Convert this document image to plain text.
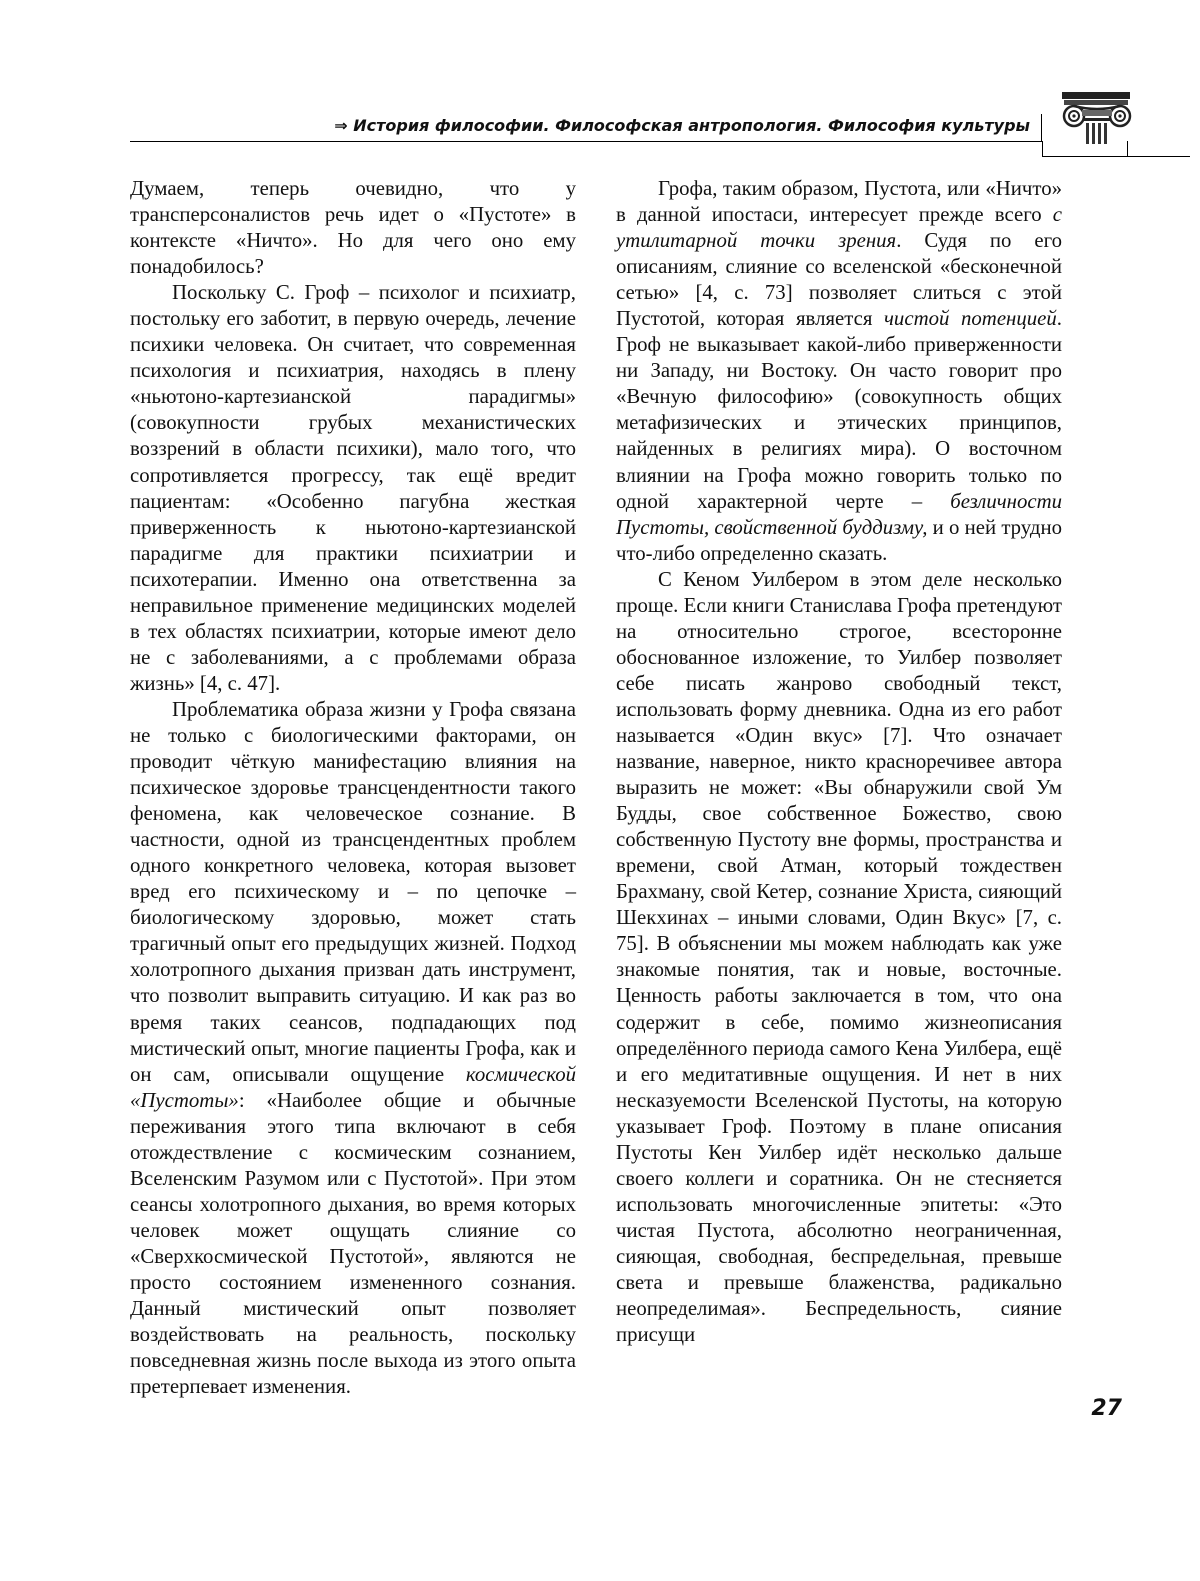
⇒ История философии. Философская антропология. Философия культуры

Думаем, теперь очевидно, что у трансперсоналистов речь идет о «Пустоте» в контексте «Ничто». Но для чего оно ему понадобилось?

Поскольку С. Гроф – психолог и психиатр, постольку его заботит, в первую очередь, лечение психики человека. Он считает, что современная психология и психиатрия, находясь в плену «ньютоно-картезианской парадигмы» (совокупности грубых механистических воззрений в области психики), мало того, что сопротивляется прогрессу, так ещё вредит пациентам: «Особенно пагубна жесткая приверженность к ньютоно-картезианской парадигме для практики психиатрии и психотерапии. Именно она ответственна за неправильное применение медицинских моделей в тех областях психиатрии, которые имеют дело не с заболеваниями, а с проблемами образа жизнь» [4, с. 47].

Проблематика образа жизни у Грофа связана не только с биологическими факторами, он проводит чёткую манифестацию влияния на психическое здоровье трансцендентности такого феномена, как человеческое сознание. В частности, одной из трансцендентных проблем одного конкретного человека, которая вызовет вред его психическому и – по цепочке – биологическому здоровью, может стать трагичный опыт его предыдущих жизней. Подход холотропного дыхания призван дать инструмент, что позволит выправить ситуацию. И как раз во время таких сеансов, подпадающих под мистический опыт, многие пациенты Грофа, как и он сам, описывали ощущение космической «Пустоты»: «Наиболее общие и обычные переживания этого типа включают в себя отождествление с космическим сознанием, Вселенским Разумом или с Пустотой». При этом сеансы холотропного дыхания, во время которых человек может ощущать слияние со «Сверхкосмической Пустотой», являются не просто состоянием измененного сознания. Данный мистический опыт позволяет воздействовать на реальность, поскольку повседневная жизнь после выхода из этого опыта претерпевает изменения.

Грофа, таким образом, Пустота, или «Ничто» в данной ипостаси, интересует прежде всего с утилитарной точки зрения. Судя по его описаниям, слияние со вселенской «бесконечной сетью» [4, с. 73] позволяет слиться с этой Пустотой, которая является чистой потенцией. Гроф не выказывает какой-либо приверженности ни Западу, ни Востоку. Он часто говорит про «Вечную философию» (совокупность общих метафизических и этических принципов, найденных в религиях мира). О восточном влиянии на Грофа можно говорить только по одной характерной черте – безличности Пустоты, свойственной буддизму, и о ней трудно что-либо определенно сказать.

С Кеном Уилбером в этом деле несколько проще. Если книги Станислава Грофа претендуют на относительно строгое, всесторонне обоснованное изложение, то Уилбер позволяет себе писать жанрово свободный текст, использовать форму дневника. Одна из его работ называется «Один вкус» [7]. Что означает название, наверное, никто красноречивее автора выразить не может: «Вы обнаружили свой Ум Будды, свое собственное Божество, свою собственную Пустоту вне формы, пространства и времени, свой Атман, который тождествен Брахману, свой Кетер, сознание Христа, сияющий Шекхинах – иными словами, Один Вкус» [7, с. 75]. В объяснении мы можем наблюдать как уже знакомые понятия, так и новые, восточные. Ценность работы заключается в том, что она содержит в себе, помимо жизнеописания определённого периода самого Кена Уилбера, ещё и его медитативные ощущения. И нет в них несказуемости Вселенской Пустоты, на которую указывает Гроф. Поэтому в плане описания Пустоты Кен Уилбер идёт несколько дальше своего коллеги и соратника. Он не стесняется использовать многочисленные эпитеты: «Это чистая Пустота, абсолютно неограниченная, сияющая, свободная, беспредельная, превыше света и превыше блаженства, радикально неопределимая». Беспредельность, сияние присущи

27
